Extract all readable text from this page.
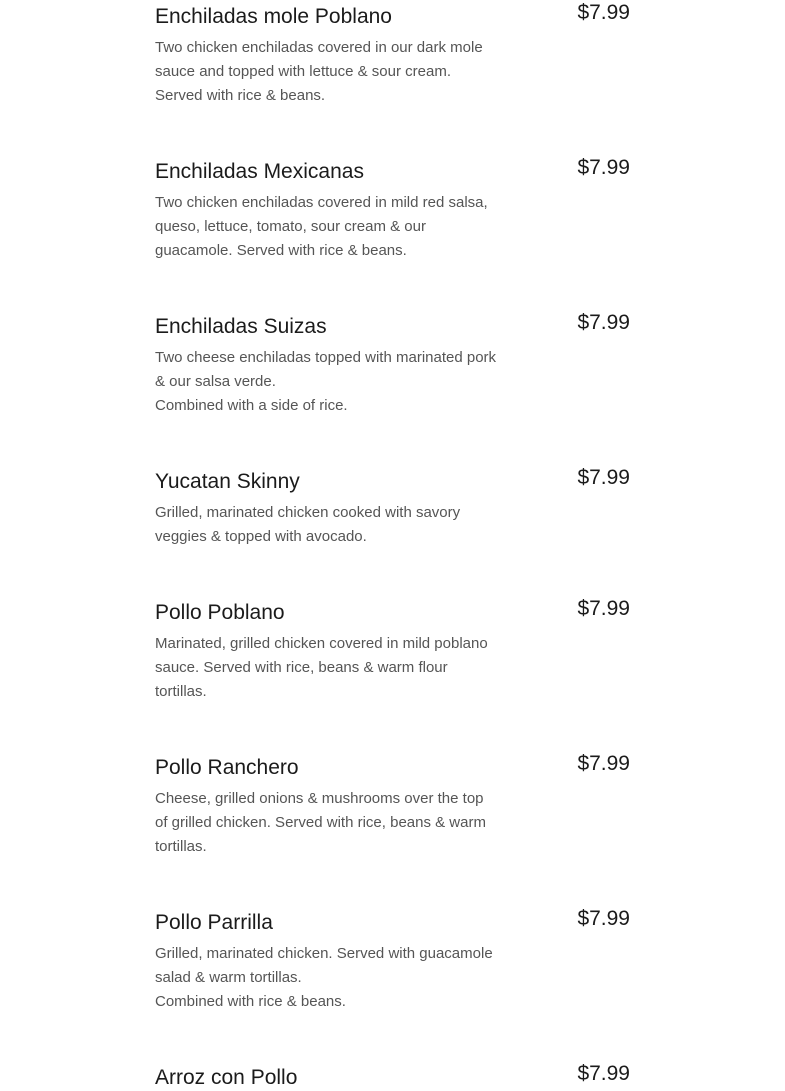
Enchiladas mole Poblano	$7.99

Two chicken enchiladas covered in our dark mole sauce and topped with lettuce & sour cream. Served with rice & beans.

Enchiladas Mexicanas	$7.99

Two chicken enchiladas covered in mild red salsa, queso, lettuce, tomato, sour cream & our guacamole. Served with rice & beans.

Enchiladas Suizas	$7.99

Two cheese enchiladas topped with marinated pork & our salsa verde.
Combined with a side of rice.

Yucatan Skinny	$7.99

Grilled, marinated chicken cooked with savory veggies & topped with avocado.

Pollo Poblano	$7.99

Marinated, grilled chicken covered in mild poblano sauce. Served with rice, beans & warm flour tortillas.

Pollo Ranchero	$7.99

Cheese, grilled onions & mushrooms over the top of grilled chicken. Served with rice, beans & warm tortillas.

Pollo Parrilla	$7.99

Grilled, marinated chicken. Served with guacamole salad & warm tortillas.
Combined with rice & beans.

Arroz con Pollo	$7.99
